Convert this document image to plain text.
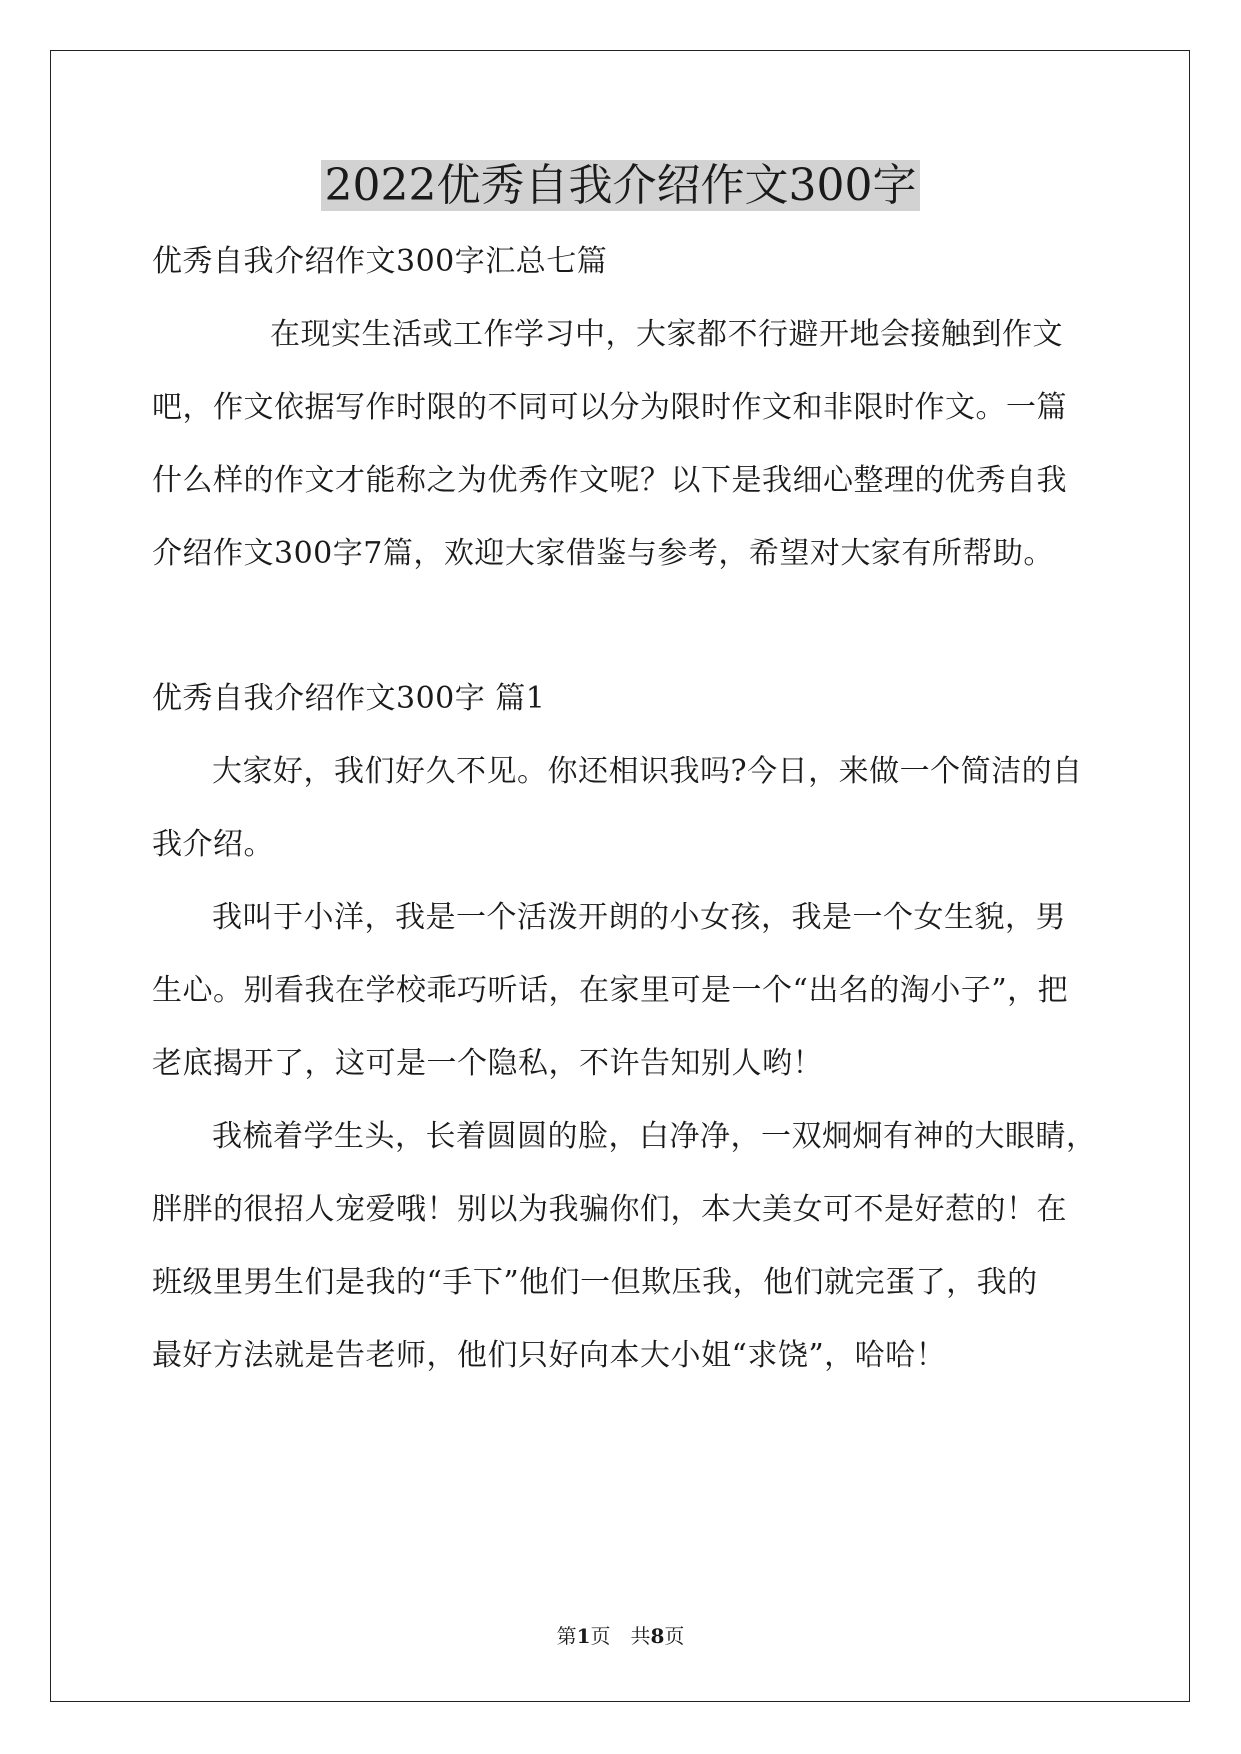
2022优秀自我介绍作文300字
优秀自我介绍作文300字汇总七篇
在现实生活或工作学习中，大家都不行避开地会接触到作文
吧，作文依据写作时限的不同可以分为限时作文和非限时作文。一篇
什么样的作文才能称之为优秀作文呢？以下是我细心整理的优秀自我
介绍作文300字7篇，欢迎大家借鉴与参考，希望对大家有所帮助。
优秀自我介绍作文300字 篇1
大家好，我们好久不见。你还相识我吗?今日，来做一个简洁的自
我介绍。
我叫于小洋，我是一个活泼开朗的小女孩，我是一个女生貌，男
生心。别看我在学校乖巧听话，在家里可是一个“出名的淘小子”，把
老底揭开了，这可是一个隐私，不许告知别人哟！
我梳着学生头，长着圆圆的脸，白净净，一双炯炯有神的大眼睛，
胖胖的很招人宠爱哦！别以为我骗你们，本大美女可不是好惹的！在
班级里男生们是我的“手下”他们一但欺压我，他们就完蛋了，我的
最好方法就是告老师，他们只好向本大小姐“求饶”，哈哈！
第1页　共8页
